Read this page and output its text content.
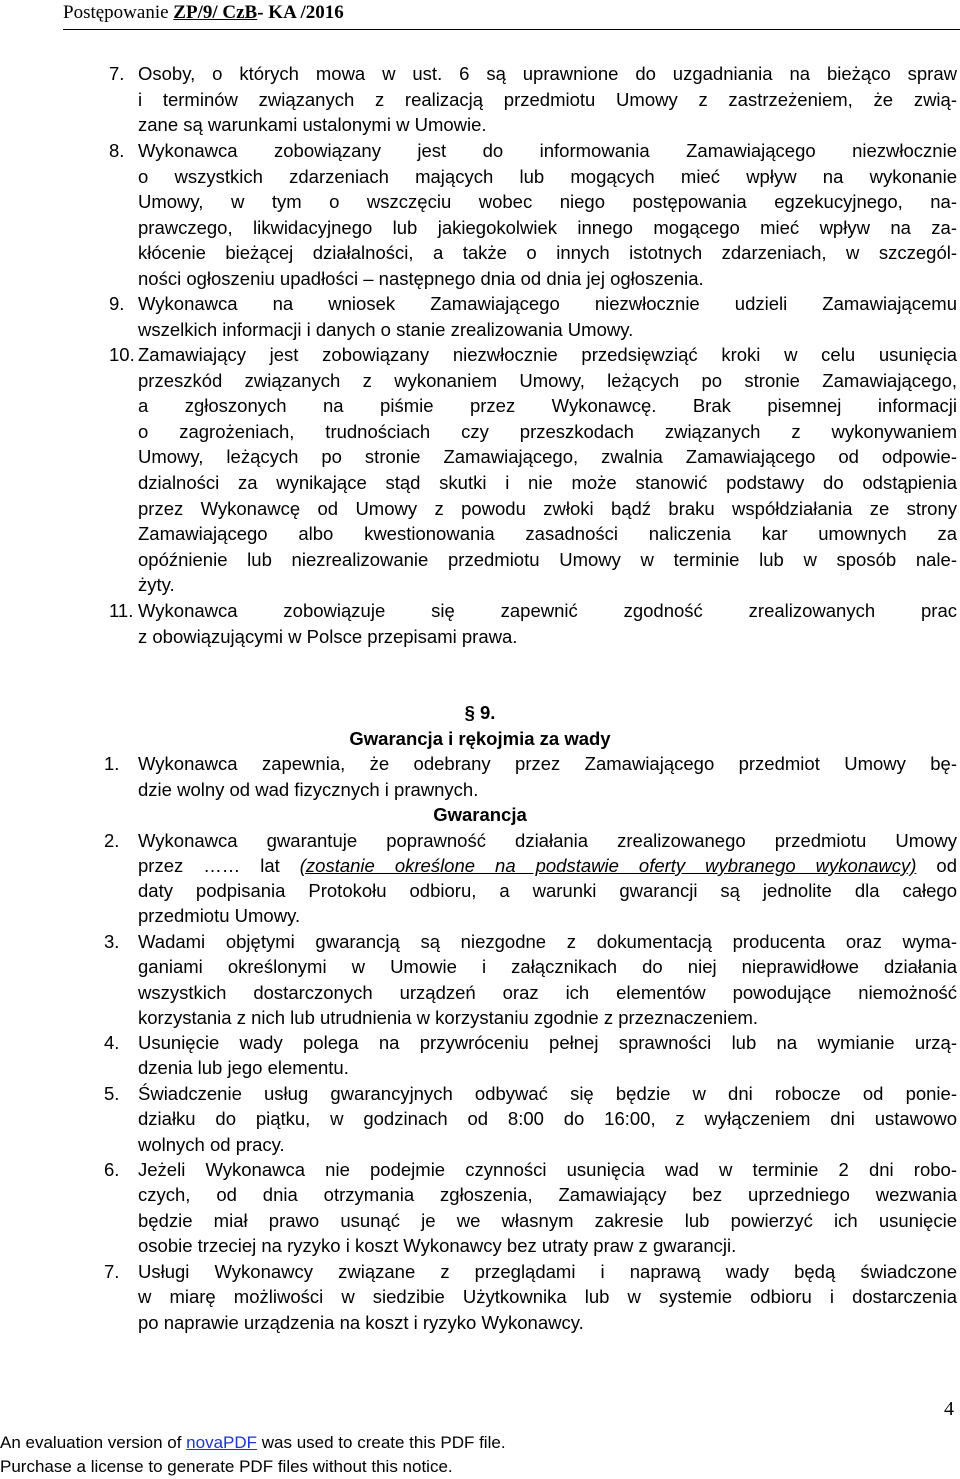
Postępowanie ZP/9/ CzB- KA /2016
7. Osoby, o których mowa w ust. 6 są uprawnione do uzgadniania na bieżąco spraw
i terminów związanych z realizacją przedmiotu Umowy z zastrzeżeniem, że zwią-
zane są warunkami ustalonymi w Umowie.
8. Wykonawca zobowiązany jest do informowania Zamawiającego niezwłocznie
o wszystkich zdarzeniach mających lub mogących mieć wpływ na wykonanie
Umowy, w tym o wszczęciu wobec niego postępowania egzekucyjnego, na-
prawczego, likwidacyjnego lub jakiegokolwiek innego mogącego mieć wpływ na za-
kłócenie bieżącej działalności, a także o innych istotnych zdarzeniach, w szczegól-
ności ogłoszeniu upadłości – następnego dnia od dnia jej ogłoszenia.
9. Wykonawca na wniosek Zamawiającego niezwłocznie udzieli Zamawiającemu
wszelkich informacji i danych o stanie zrealizowania Umowy.
10. Zamawiający jest zobowiązany niezwłocznie przedsięwziąć kroki w celu usunięcia
przeszkód związanych z wykonaniem Umowy, leżących po stronie Zamawiającego,
a zgłoszonych na piśmie przez Wykonawcę. Brak pisemnej informacji
o zagrożeniach, trudnościach czy przeszkodach związanych z wykonywaniem
Umowy, leżących po stronie Zamawiającego, zwalnia Zamawiającego od odpowie-
dzialności za wynikające stąd skutki i nie może stanowić podstawy do odstąpienia
przez Wykonawcę od Umowy z powodu zwłoki bądź braku współdziałania ze strony
Zamawiającego albo kwestionowania zasadności naliczenia kar umownych za
opóźnienie lub niezrealizowanie przedmiotu Umowy w terminie lub w sposób nale-
żyty.
11. Wykonawca zobowiązuje się zapewnić zgodność zrealizowanych prac
z obowiązującymi w Polsce przepisami prawa.
§ 9.
Gwarancja i rękojmia za wady
1. Wykonawca zapewnia, że odebrany przez Zamawiającego przedmiot Umowy bę-
dzie wolny od wad fizycznych i prawnych.
Gwarancja
2. Wykonawca gwarantuje poprawność działania zrealizowanego przedmiotu Umowy
przez …… lat (zostanie określone na podstawie oferty wybranego wykonawcy) od
daty podpisania Protokołu odbioru, a warunki gwarancji są jednolite dla całego
przedmiotu Umowy.
3. Wadami objętymi gwarancją są niezgodne z dokumentacją producenta oraz wyma-
ganiami określonymi w Umowie i załącznikach do niej nieprawidłowe działania
wszystkich dostarczonych urządzeń oraz ich elementów powodujące niemożność
korzystania z nich lub utrudnienia w korzystaniu zgodnie z przeznaczeniem.
4. Usunięcie wady polega na przywróceniu pełnej sprawności lub na wymianie urzą-
dzenia lub jego elementu.
5. Świadczenie usług gwarancyjnych odbywać się będzie w dni robocze od ponie-
działku do piątku, w godzinach od 8:00 do 16:00, z wyłączeniem dni ustawowo
wolnych od pracy.
6. Jeżeli Wykonawca nie podejmie czynności usunięcia wad w terminie 2 dni robo-
czych, od dnia otrzymania zgłoszenia, Zamawiający bez uprzedniego wezwania
będzie miał prawo usunąć je we własnym zakresie lub powierzyć ich usunięcie
osobie trzeciej na ryzyko i koszt Wykonawcy bez utraty praw z gwarancji.
7. Usługi Wykonawcy związane z przeglądami i naprawą wady będą świadczone
w miarę możliwości w siedzibie Użytkownika lub w systemie odbioru i dostarczenia
po naprawie urządzenia na koszt i ryzyko Wykonawcy.
4
An evaluation version of novaPDF was used to create this PDF file.
Purchase a license to generate PDF files without this notice.
